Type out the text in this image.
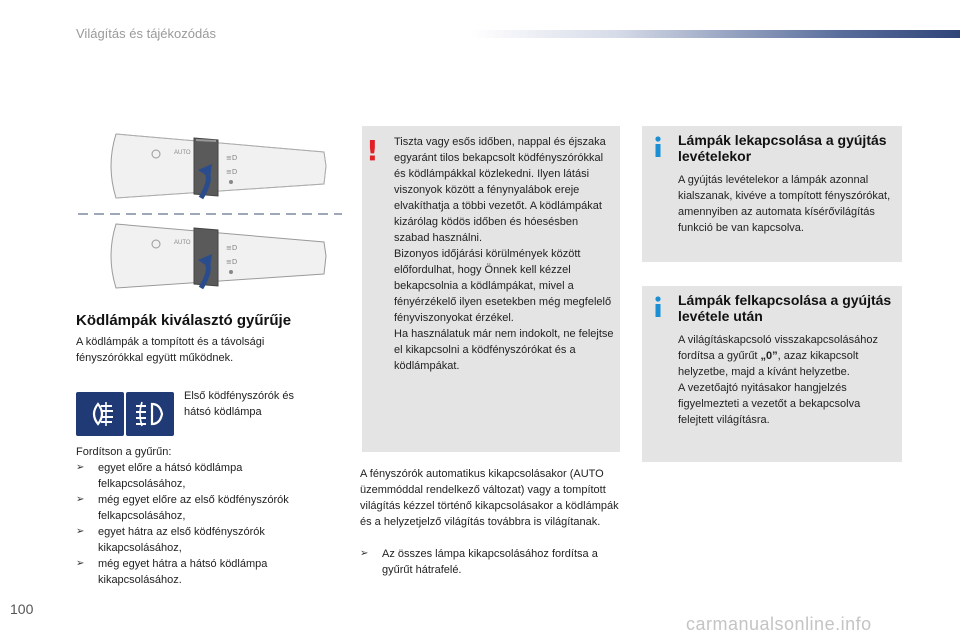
Világítás és tájékozódás
AUTO
≡D
≡D
AUTO
≡D
≡D
Ködlámpák kiválasztó gyűrűje

A ködlámpák a tompított és a távolsági fényszórókkal együtt működnek.

Első ködfényszórók és hátsó ködlámpa

Fordítson a gyűrűn:

➢ egyet előre a hátsó ködlámpa felkapcsolásához,
➢ még egyet előre az első ködfényszórók felkapcsolásához,
➢ egyet hátra az első ködfényszórók kikapcsolásához,
➢ még egyet hátra a hátsó ködlámpa kikapcsolásához.
! Tiszta vagy esős időben, nappal és éjszaka egyaránt tilos bekapcsolt ködfényszórókkal és ködlámpákkal közlekedni. Ilyen látási viszonyok között a fénynyalábok ereje elvakíthatja a többi vezetőt. A ködlámpákat kizárólag ködös időben és hóesésben szabad használni.
Bizonyos időjárási körülmények között előfordulhat, hogy Önnek kell kézzel bekapcsolnia a ködlámpákat, mivel a fényérzékelő ilyen esetekben még megfelelő fényviszonyokat érzékel.
Ha használatuk már nem indokolt, ne felejtse el kikapcsolni a ködfényszórókat és a ködlámpákat.

A fényszórók automatikus kikapcsolásakor (AUTO üzemmóddal rendelkező változat) vagy a tompított világítás kézzel történő kikapcsolásakor a ködlámpák és a helyzetjelző világítás továbbra is világítanak.

➢ Az összes lámpa kikapcsolásához fordítsa a gyűrűt hátrafelé.
Lámpák lekapcsolása a gyújtás levételekor
A gyújtás levételekor a lámpák azonnal kialszanak, kivéve a tompított fényszórókat, amennyiben az automata kísérővilágítás funkció be van kapcsolva.
Lámpák felkapcsolása a gyújtás levétele után
A világításkapcsoló visszakapcsolásához fordítsa a gyűrűt „0”, azaz kikapcsolt helyzetbe, majd a kívánt helyzetbe.
A vezetőajtó nyitásakor hangjelzés figyelmezteti a vezetőt a bekapcsolva felejtett világításra.
100
carmanualsonline.info
